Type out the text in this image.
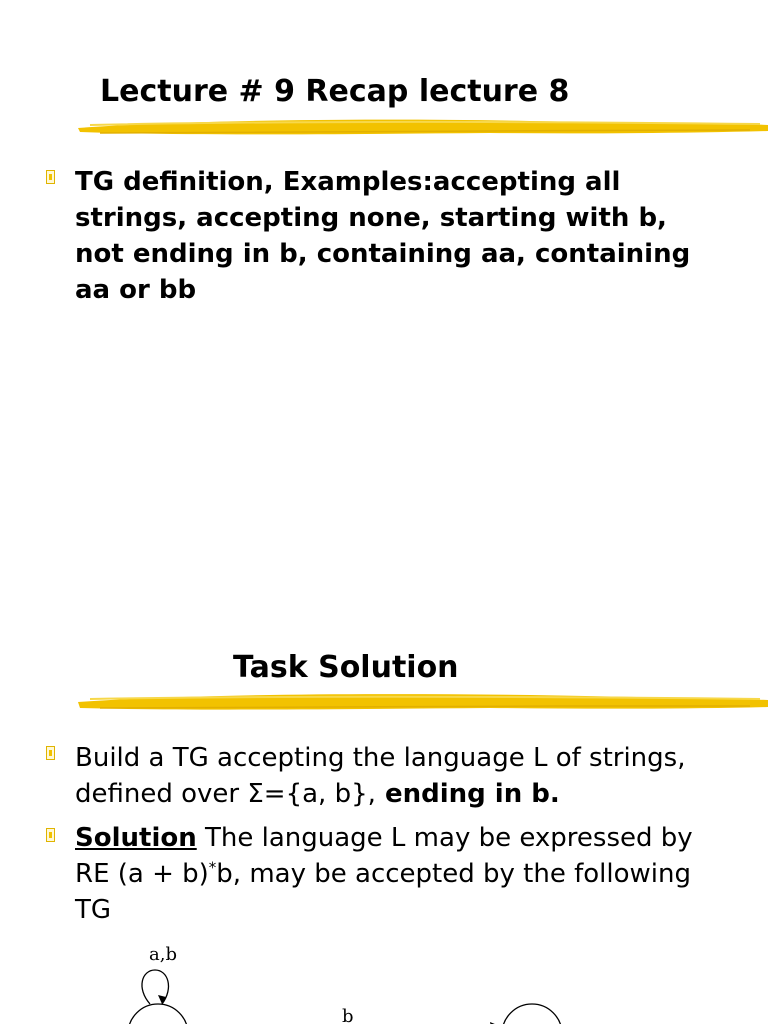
Lecture # 9 Recap lecture 8

TG definition, Examples:accepting all strings, accepting none, starting with b, not ending in b, containing aa, containing aa or bb

Task Solution

Build a TG accepting the language L of strings, defined over Σ={a, b}, ending in b.

Solution The language L may be expressed by RE (a + b)*b, may be accepted by the following TG

a,b
b
